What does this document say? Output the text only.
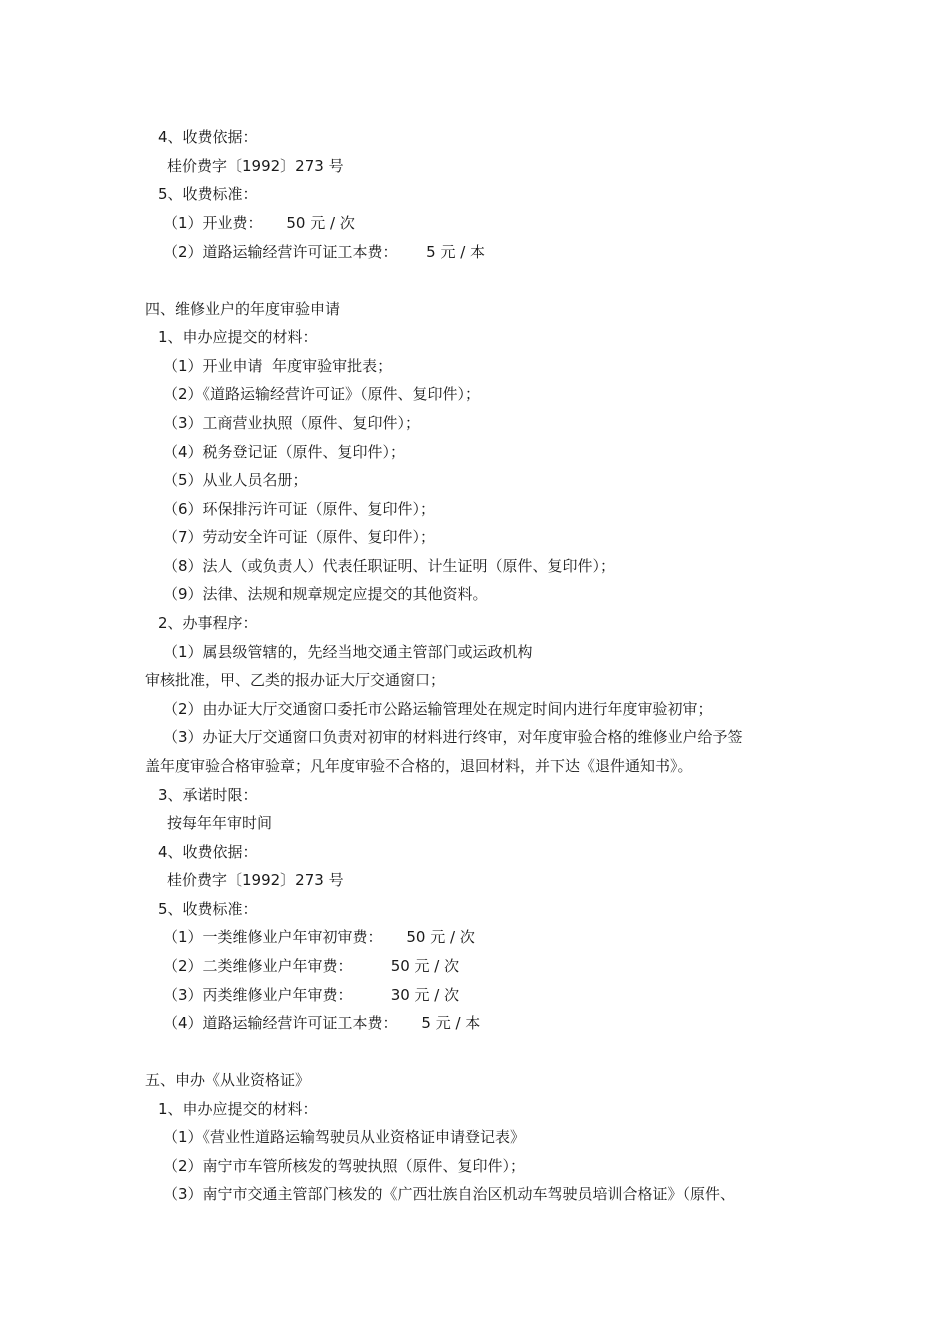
4、收费依据：
桂价费字〔1992〕273 号
5、收费标准：
（1）开业费：     50 元 / 次
（2）道路运输经营许可证工本费：      5 元 / 本
四、维修业户的年度审验申请
1、申办应提交的材料：
（1）开业申请  年度审验审批表；
（2）《道路运输经营许可证》（原件、复印件）；
（3）工商营业执照（原件、复印件）；
（4）税务登记证（原件、复印件）；
（5）从业人员名册；
（6）环保排污许可证（原件、复印件）；
（7）劳动安全许可证（原件、复印件）；
（8）法人（或负责人）代表任职证明、计生证明（原件、复印件）；
（9）法律、法规和规章规定应提交的其他资料。
2、办事程序：
（1）属县级管辖的，先经当地交通主管部门或运政机构
审核批准，甲、乙类的报办证大厅交通窗口；
（2）由办证大厅交通窗口委托市公路运输管理处在规定时间内进行年度审验初审；
（3）办证大厅交通窗口负责对初审的材料进行终审，对年度审验合格的维修业户给予签
盖年度审验合格审验章；凡年度审验不合格的，退回材料，并下达《退件通知书》。
3、承诺时限：
按每年年审时间
4、收费依据：
桂价费字〔1992〕273 号
5、收费标准：
（1）一类维修业户年审初审费：     50 元 / 次
（2）二类维修业户年审费：        50 元 / 次
（3）丙类维修业户年审费：        30 元 / 次
（4）道路运输经营许可证工本费：     5 元 / 本
五、申办《从业资格证》
1、申办应提交的材料：
（1）《营业性道路运输驾驶员从业资格证申请登记表》
（2）南宁市车管所核发的驾驶执照（原件、复印件）；
（3）南宁市交通主管部门核发的《广西壮族自治区机动车驾驶员培训合格证》（原件、
